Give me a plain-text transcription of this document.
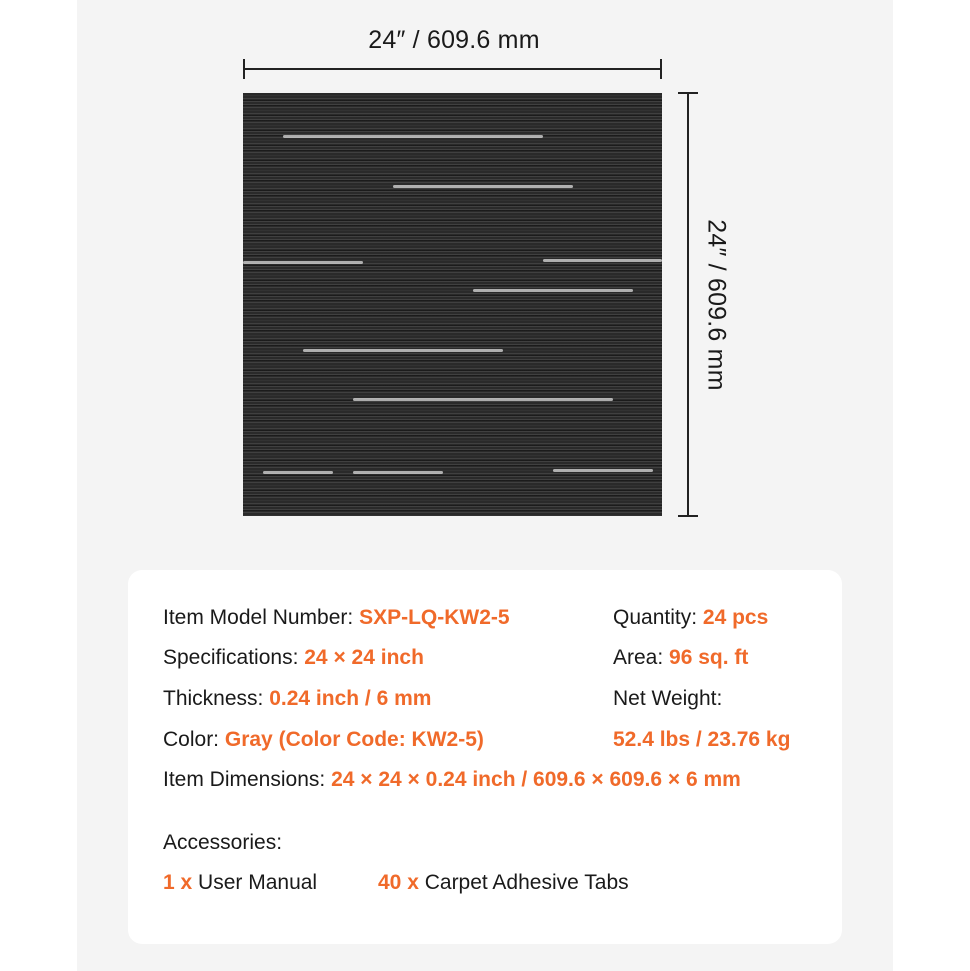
24″ / 609.6 mm
24″ / 609.6 mm
Item Model Number: SXP-LQ-KW2-5	Quantity: 24 pcs
Specifications: 24 × 24 inch	Area: 96 sq. ft
Thickness: 0.24 inch / 6 mm	Net Weight:
Color: Gray (Color Code: KW2-5)	52.4 lbs / 23.76 kg
Item Dimensions: 24 × 24 × 0.24 inch / 609.6 × 609.6 × 6 mm
Accessories:
1 x User Manual	40 x Carpet Adhesive Tabs
